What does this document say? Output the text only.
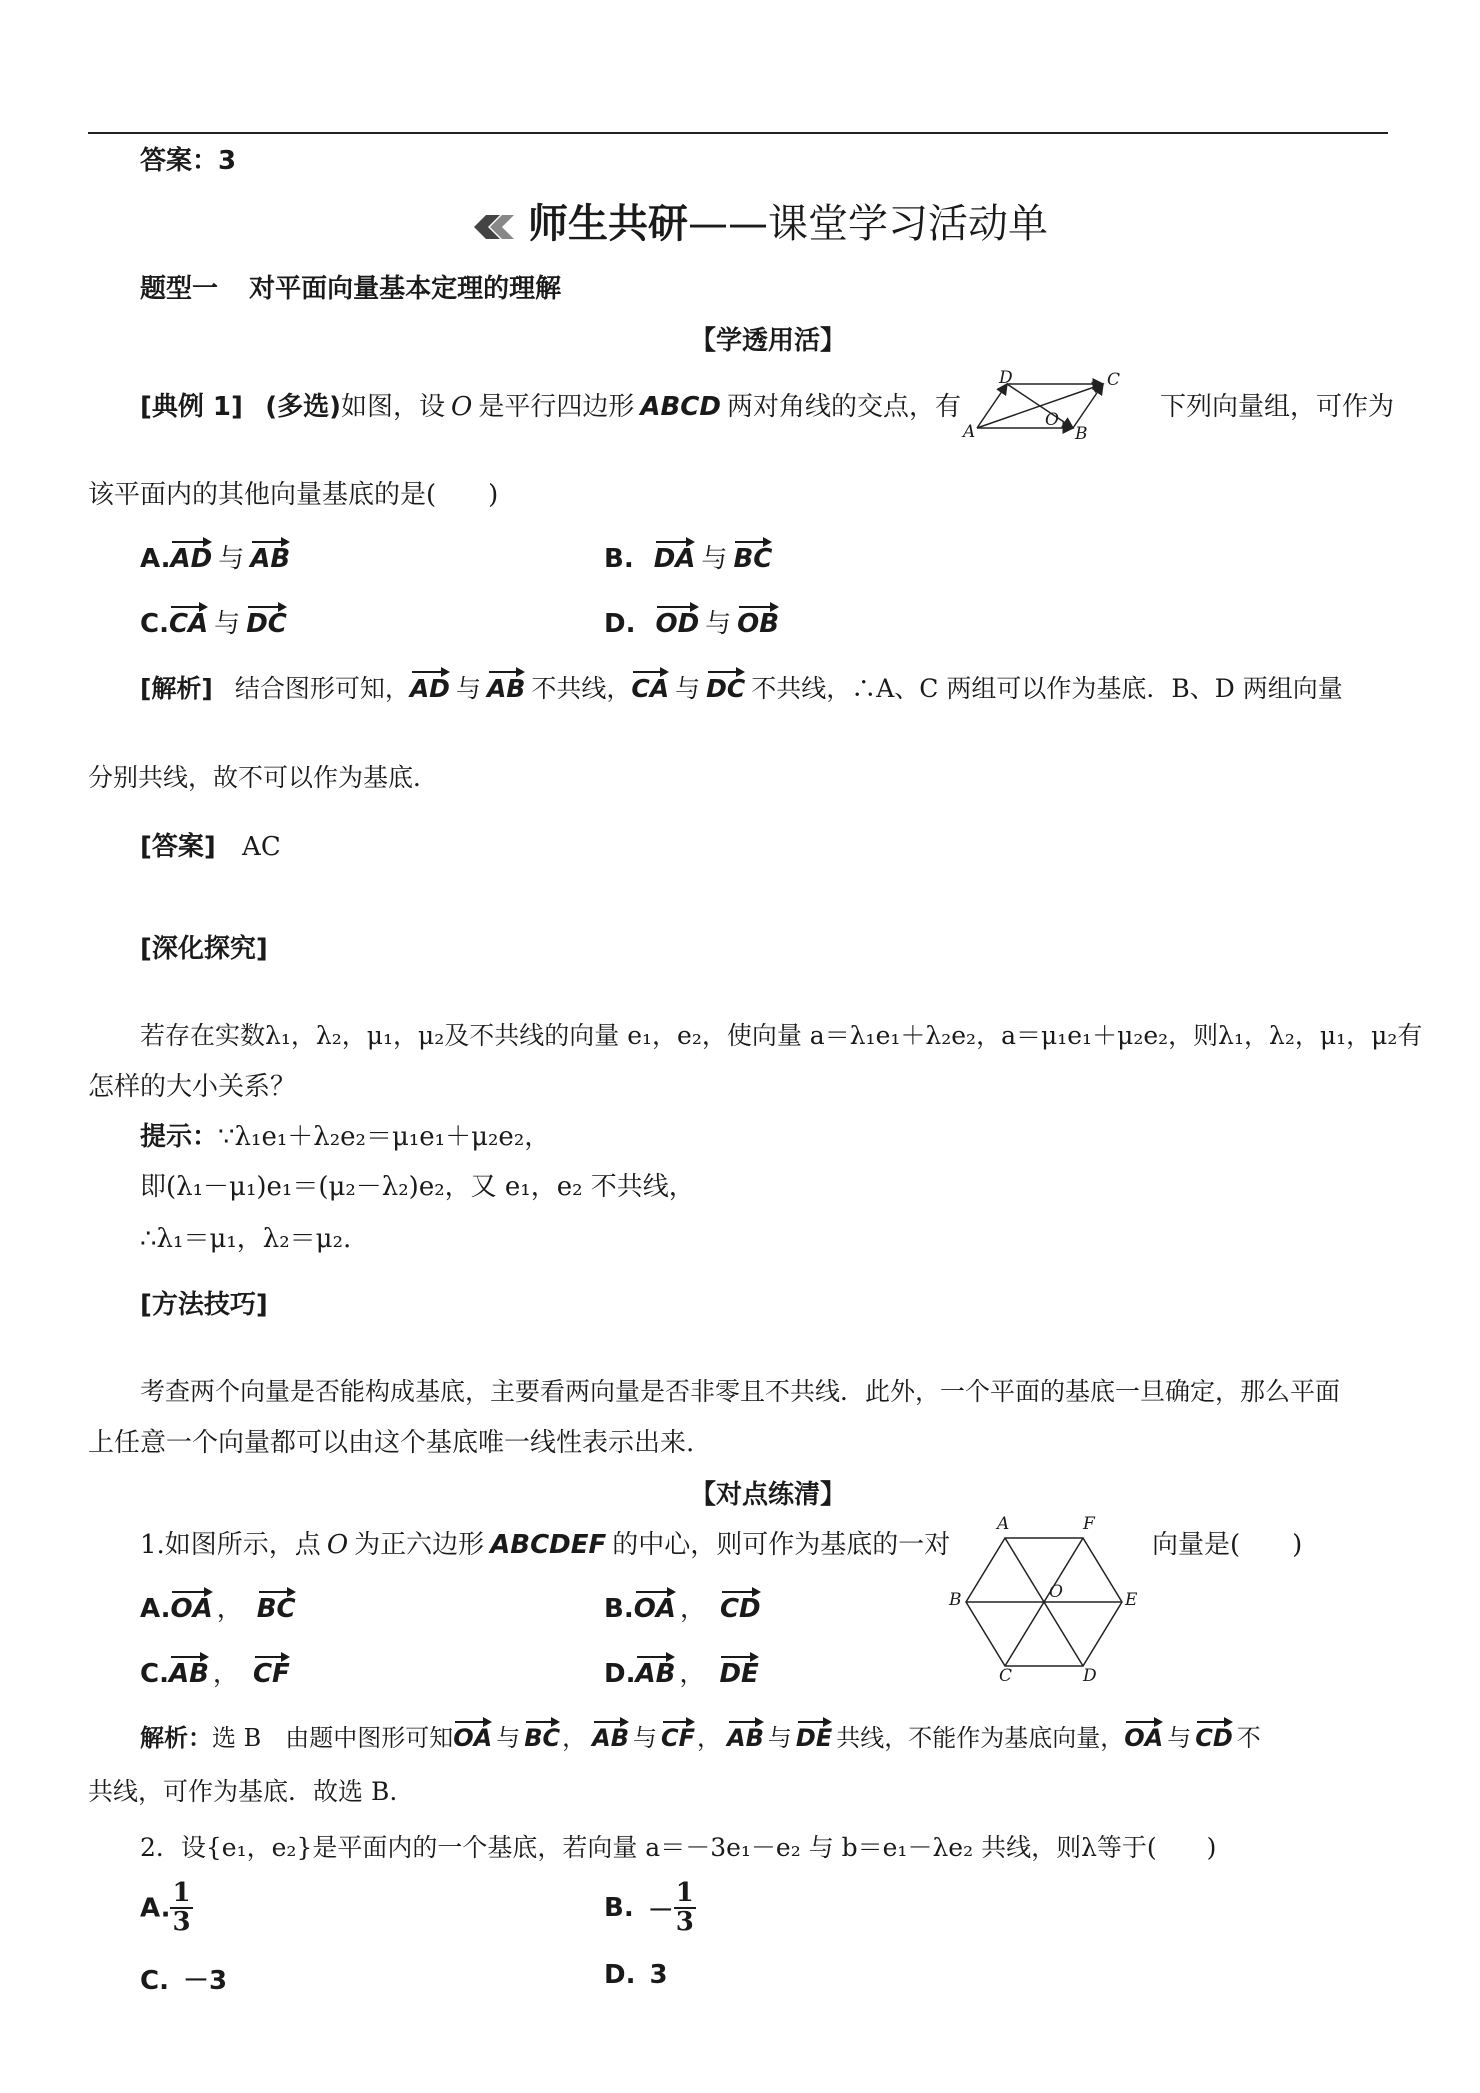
答案：3
师生共研——课堂学习活动单
题型一 对平面向量基本定理的理解
【学透用活】
[典例 1] (多选)如图，设 O 是平行四边形 ABCD 两对角线的交点，有
A	B
C
D
O	下列向量组，可作为
该平面内的其他向量基底的是(　　)
A.AD 与 AB	B. DA 与 BC
C.CA 与 DC	D. OD 与 OB
[解析] 结合图形可知，AD 与 AB 不共线，CA 与 DC 不共线，∴A、C 两组可以作为基底．B、D 两组向量
分别共线，故不可以作为基底．
[答案] AC
[深化探究]
若存在实数λ₁，λ₂，μ₁，μ₂及不共线的向量 e₁，e₂，使向量 a＝λ₁e₁＋λ₂e₂，a＝μ₁e₁＋μ₂e₂，则λ₁，λ₂，μ₁，μ₂有
怎样的大小关系？
提示：∵λ₁e₁＋λ₂e₂＝μ₁e₁＋μ₂e₂，
即(λ₁－μ₁)e₁＝(μ₂－λ₂)e₂，又 e₁，e₂ 不共线，
∴λ₁＝μ₁，λ₂＝μ₂.
[方法技巧]
考查两个向量是否能构成基底，主要看两向量是否非零且不共线．此外，一个平面的基底一旦确定，那么平面
上任意一个向量都可以由这个基底唯一线性表示出来.
【对点练清】
1.如图所示，点 O 为正六边形 ABCDEF 的中心，则可作为基底的一对
A	F
B	E
C	D
O
向量是(　　)
A.OA ， BC	B.OA ， CD
C.AB ， CF	D.AB ， DE
解析：选 B　由题中图形可知OA 与 BC， AB 与 CF， AB 与 DE 共线，不能作为基底向量，OA 与 CD 不
共线，可作为基底．故选 B.
2．设{e₁，e₂}是平面内的一个基底，若向量 a＝－3e₁－e₂ 与 b＝e₁－λe₂ 共线，则λ等于(　　)
A. $\frac{1}{3}$	B. － $\frac{1}{3}$
C. －3	D. 3
